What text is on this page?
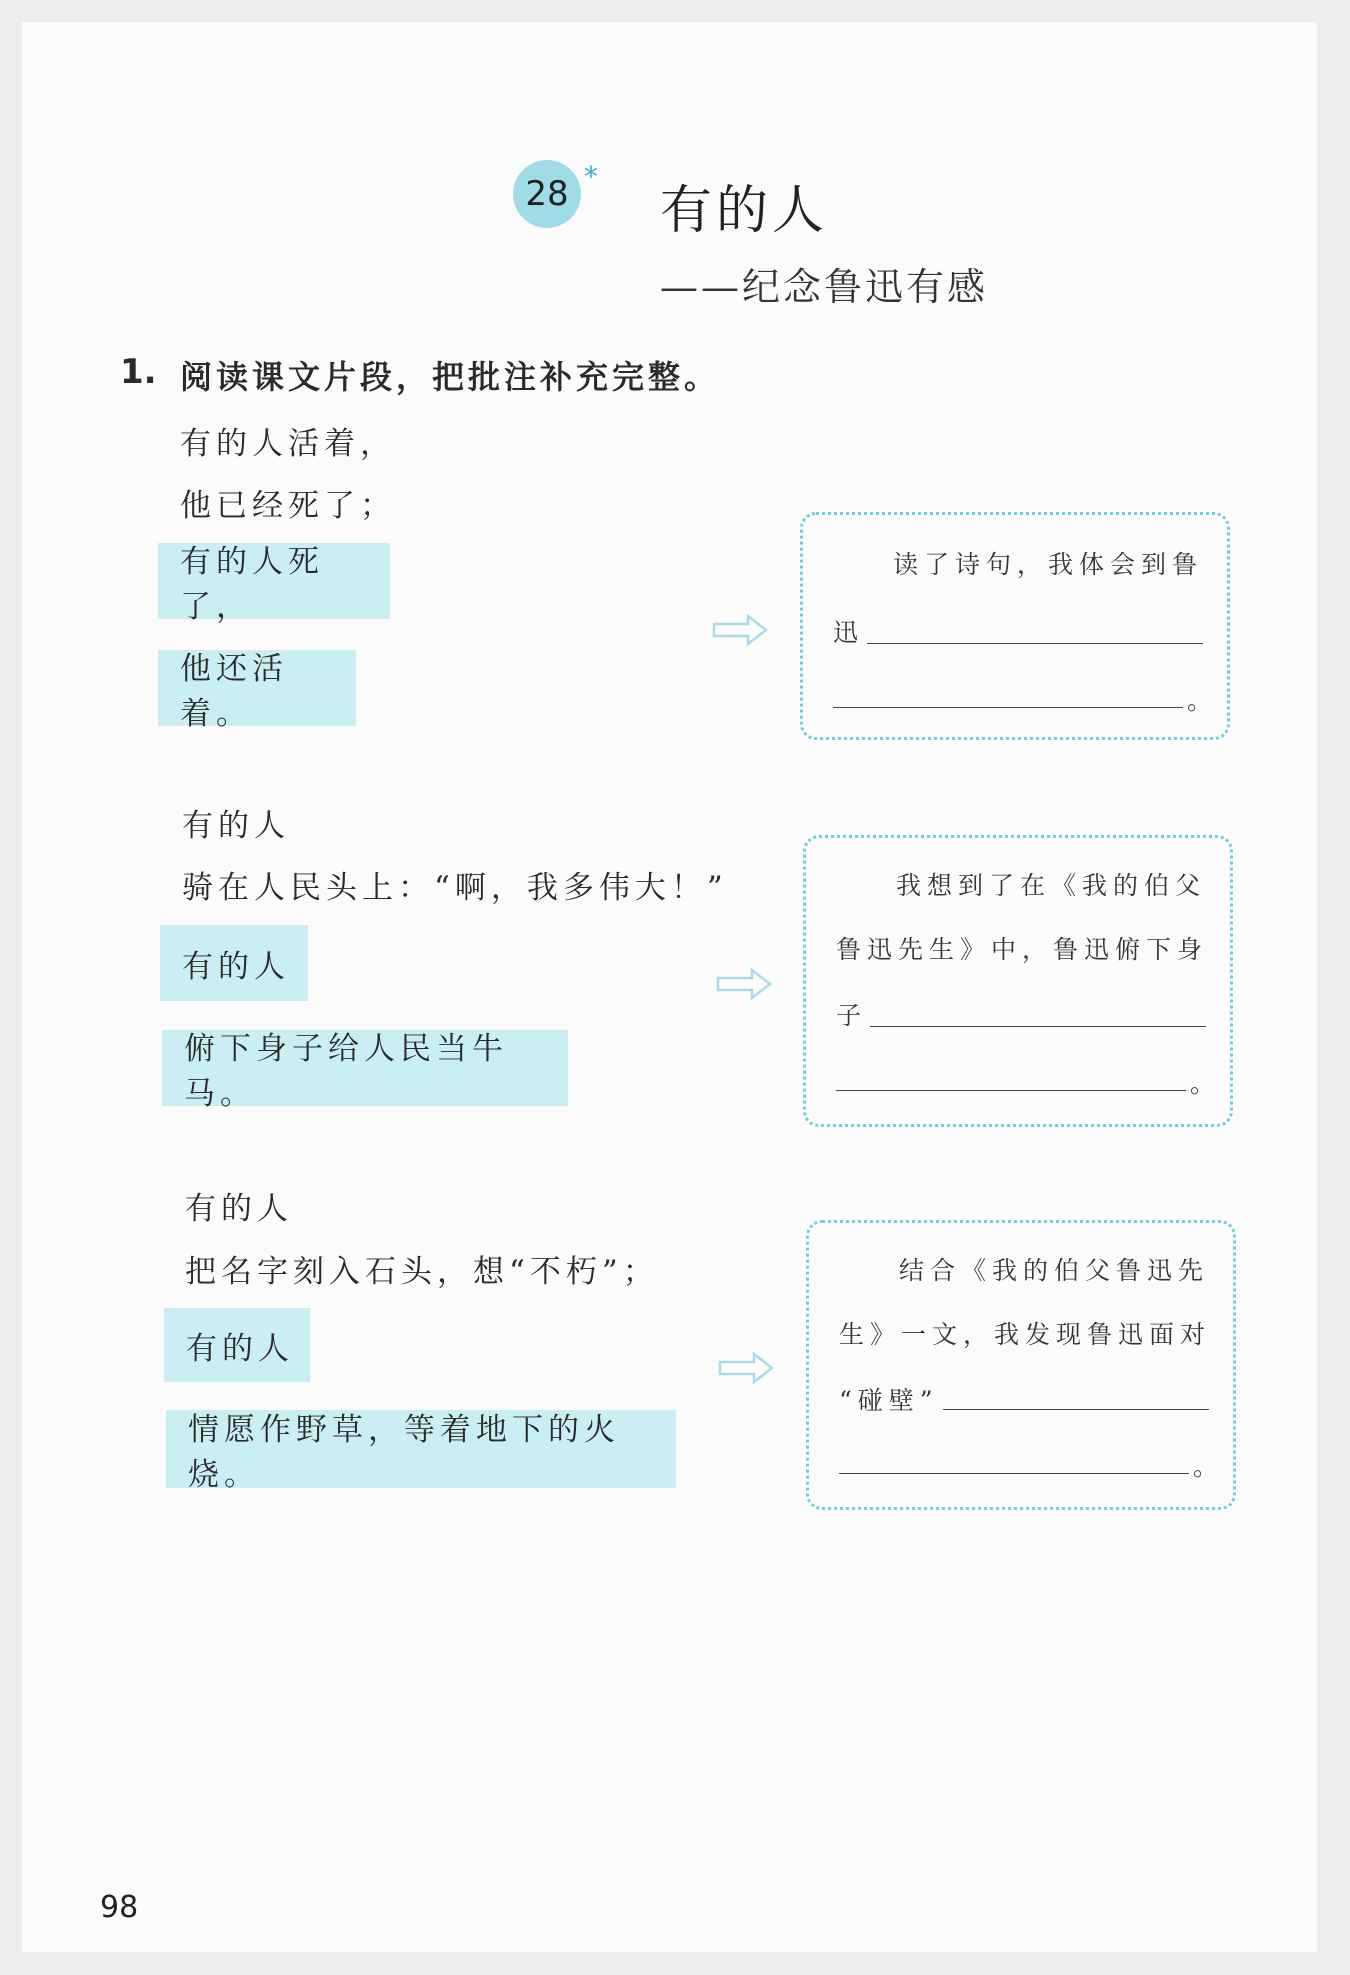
28 *
有的人
——纪念鲁迅有感
1. 阅读课文片段，把批注补充完整。
有的人活着，
他已经死了；
有的人死了，
他还活着。
有的人
骑在人民头上：“啊，我多伟大！”
有的人
俯下身子给人民当牛马。
有的人
把名字刻入石头，想“不朽”；
有的人
情愿作野草，等着地下的火烧。
读了诗句，我体会到鲁
迅
。
我想到了在《我的伯父
鲁迅先生》中，鲁迅俯下身
子
。
结合《我的伯父鲁迅先
生》一文，我发现鲁迅面对
“碰壁”
。
98
